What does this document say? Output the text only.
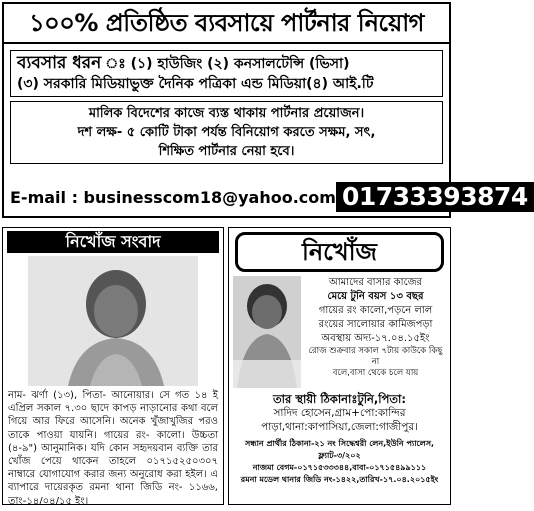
১০০% প্রতিষ্ঠিত ব্যবসায়ে পার্টনার নিয়োগ
ব্যবসার ধরন ঃ (১) হাউজিং (২) কনসালটেন্সি (ভিসা)
(৩) সরকারি মিডিয়াভুক্ত দৈনিক পত্রিকা এন্ড মিডিয়া(৪) আই.টি
মালিক বিদেশের কাজে ব্যস্ত থাকায় পার্টনার প্রয়োজন।
দশ লক্ষ- ৫ কোটি টাকা পর্যন্ত বিনিয়োগ করতে সক্ষম, সৎ,
শিক্ষিত পার্টনার নেয়া হবে।
E-mail : businesscom18@yahoo.com 01733393874
নিখোঁজ সংবাদ
নাম- ঝর্ণা (১৩), পিতা- আনোয়ার। সে গত ১৪ ই এপ্রিল সকাল ৭.৩০ ছাদে কাপড় নাড়ানোর কথা বলে গিয়ে আর ফিরে আসেনি। অনেক খুঁজাখুজির পরও তাকে পাওয়া যায়নি। গায়ের রং- কালো। উচ্চতা (৪-৯") আনুমানিক। যদি কোন সহৃদয়বান ব্যক্তি তার খোঁজ পেয়ে থাকেন তাহলে ০১৭১৫২৫০৩০৭ নাম্বারে যোগাযোগ করার জন্য অনুরোধ করা হইল। এ ব্যাপারে দায়েরকৃত রমনা থানা জিডি নং- ১১৬৬, তাং-১৪/০৪/১৫ ইং।
নিখোঁজ
আমাদের বাসার কাজের
মেয়ে টুনি বয়স ১৩ বছর
গায়ের রং কালো,পড়নে লাল
রংয়ের সালোয়ার কামিজপড়া
অবস্থায় অদ্য-১৭.০৪.১৫ইং
রোজ শুক্রবার সকাল ৭টায় কাউকে কিছু না
বলে,বাসা থেকে চলে যায়
তার স্থায়ী ঠিকানাঃটুনি,পিতা:
সাদিদ হোসেন,গ্রাম+পো:কান্দির
পাড়া,থানা:কাপাসিয়া,জেলা:গাজীপুর।
সন্ধান প্রার্থীর ঠিকানা-২১ নং সিদ্ধেশ্বরী লেন,ইউনি প্যালেস, ফ্ল্যাট-৩/২০২
নাজমা বেগম-০১৭১৫৩৩৩৪৪,বাবা-০১৭১৫৪৯৯১১১
রমনা মডেল থানার জিডি নং-১৪২২,তারিখ-১৭.০৪.২০১৫ইং
